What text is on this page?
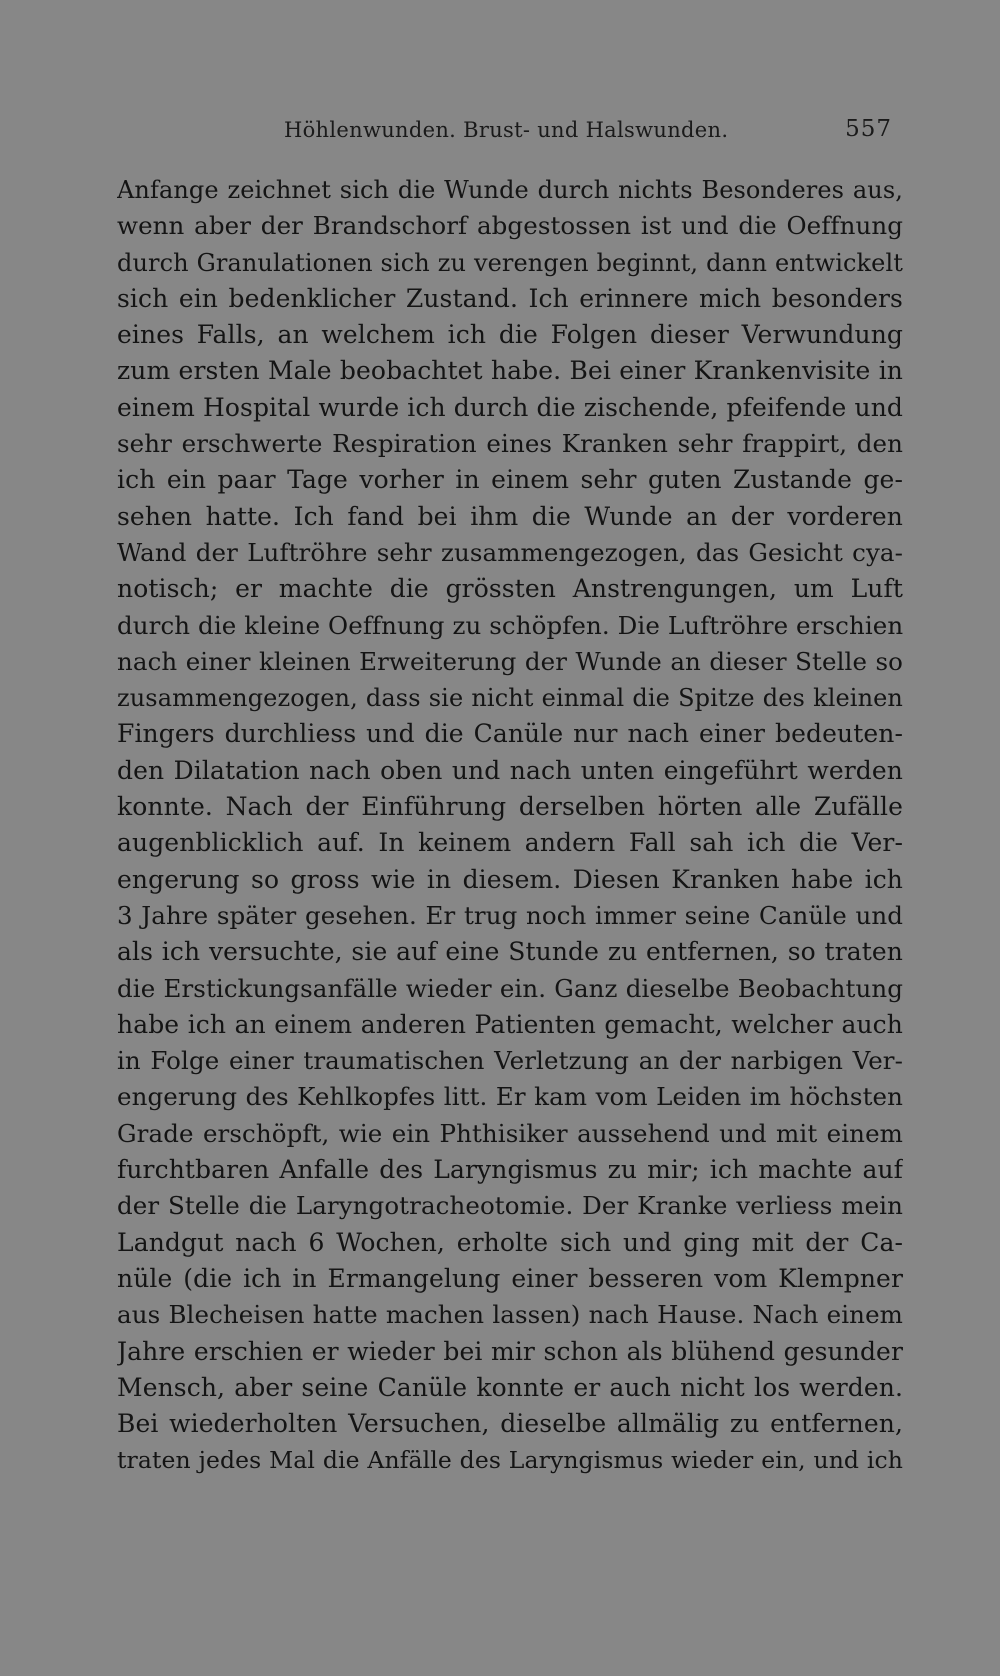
Höhlenwunden. Brust- und Halswunden.	557
Anfange zeichnet sich die Wunde durch nichts Besonderes aus,
wenn aber der Brandschorf abgestossen ist und die Oeffnung
durch Granulationen sich zu verengen beginnt, dann entwickelt
sich ein bedenklicher Zustand. Ich erinnere mich besonders
eines Falls, an welchem ich die Folgen dieser Verwundung
zum ersten Male beobachtet habe. Bei einer Krankenvisite in
einem Hospital wurde ich durch die zischende, pfeifende und
sehr erschwerte Respiration eines Kranken sehr frappirt, den
ich ein paar Tage vorher in einem sehr guten Zustande ge-
sehen hatte. Ich fand bei ihm die Wunde an der vorderen
Wand der Luftröhre sehr zusammengezogen, das Gesicht cya-
notisch; er machte die grössten Anstrengungen, um Luft
durch die kleine Oeffnung zu schöpfen. Die Luftröhre erschien
nach einer kleinen Erweiterung der Wunde an dieser Stelle so
zusammengezogen, dass sie nicht einmal die Spitze des kleinen
Fingers durchliess und die Canüle nur nach einer bedeuten-
den Dilatation nach oben und nach unten eingeführt werden
konnte. Nach der Einführung derselben hörten alle Zufälle
augenblicklich auf. In keinem andern Fall sah ich die Ver-
engerung so gross wie in diesem. Diesen Kranken habe ich
3 Jahre später gesehen. Er trug noch immer seine Canüle und
als ich versuchte, sie auf eine Stunde zu entfernen, so traten
die Erstickungsanfälle wieder ein. Ganz dieselbe Beobachtung
habe ich an einem anderen Patienten gemacht, welcher auch
in Folge einer traumatischen Verletzung an der narbigen Ver-
engerung des Kehlkopfes litt. Er kam vom Leiden im höchsten
Grade erschöpft, wie ein Phthisiker aussehend und mit einem
furchtbaren Anfalle des Laryngismus zu mir; ich machte auf
der Stelle die Laryngotracheotomie. Der Kranke verliess mein
Landgut nach 6 Wochen, erholte sich und ging mit der Ca-
nüle (die ich in Ermangelung einer besseren vom Klempner
aus Blecheisen hatte machen lassen) nach Hause. Nach einem
Jahre erschien er wieder bei mir schon als blühend gesunder
Mensch, aber seine Canüle konnte er auch nicht los werden.
Bei wiederholten Versuchen, dieselbe allmälig zu entfernen,
traten jedes Mal die Anfälle des Laryngismus wieder ein, und ich
